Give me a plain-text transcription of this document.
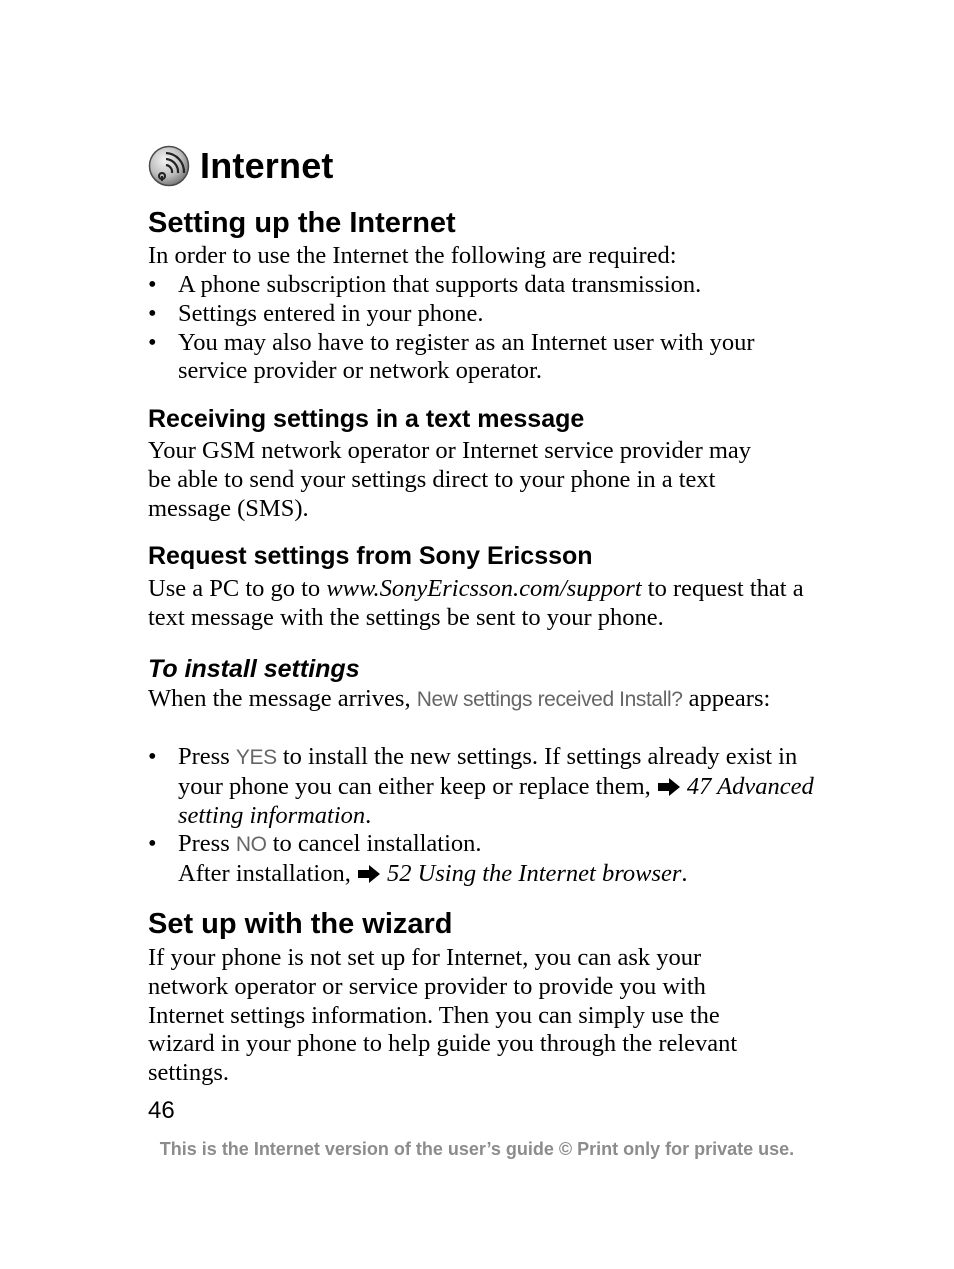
Internet
Setting up the Internet

In order to use the Internet the following are required:

• A phone subscription that supports data transmission.
• Settings entered in your phone.
• You may also have to register as an Internet user with your service provider or network operator.
Receiving settings in a text message

Your GSM network operator or Internet service provider may be able to send your settings direct to your phone in a text message (SMS).

Request settings from Sony Ericsson

Use a PC to go to www.SonyEricsson.com/support to request that a text message with the settings be sent to your phone.

To install settings

When the message arrives, New settings received Install? appears:

• Press YES to install the new settings. If settings already exist in your phone you can either keep or replace them, 47 Advanced setting information.
• Press NO to cancel installation.
After installation, 52 Using the Internet browser.
Set up with the wizard

If your phone is not set up for Internet, you can ask your network operator or service provider to provide you with Internet settings information. Then you can simply use the wizard in your phone to help guide you through the relevant settings.

46
This is the Internet version of the user’s guide © Print only for private use.
